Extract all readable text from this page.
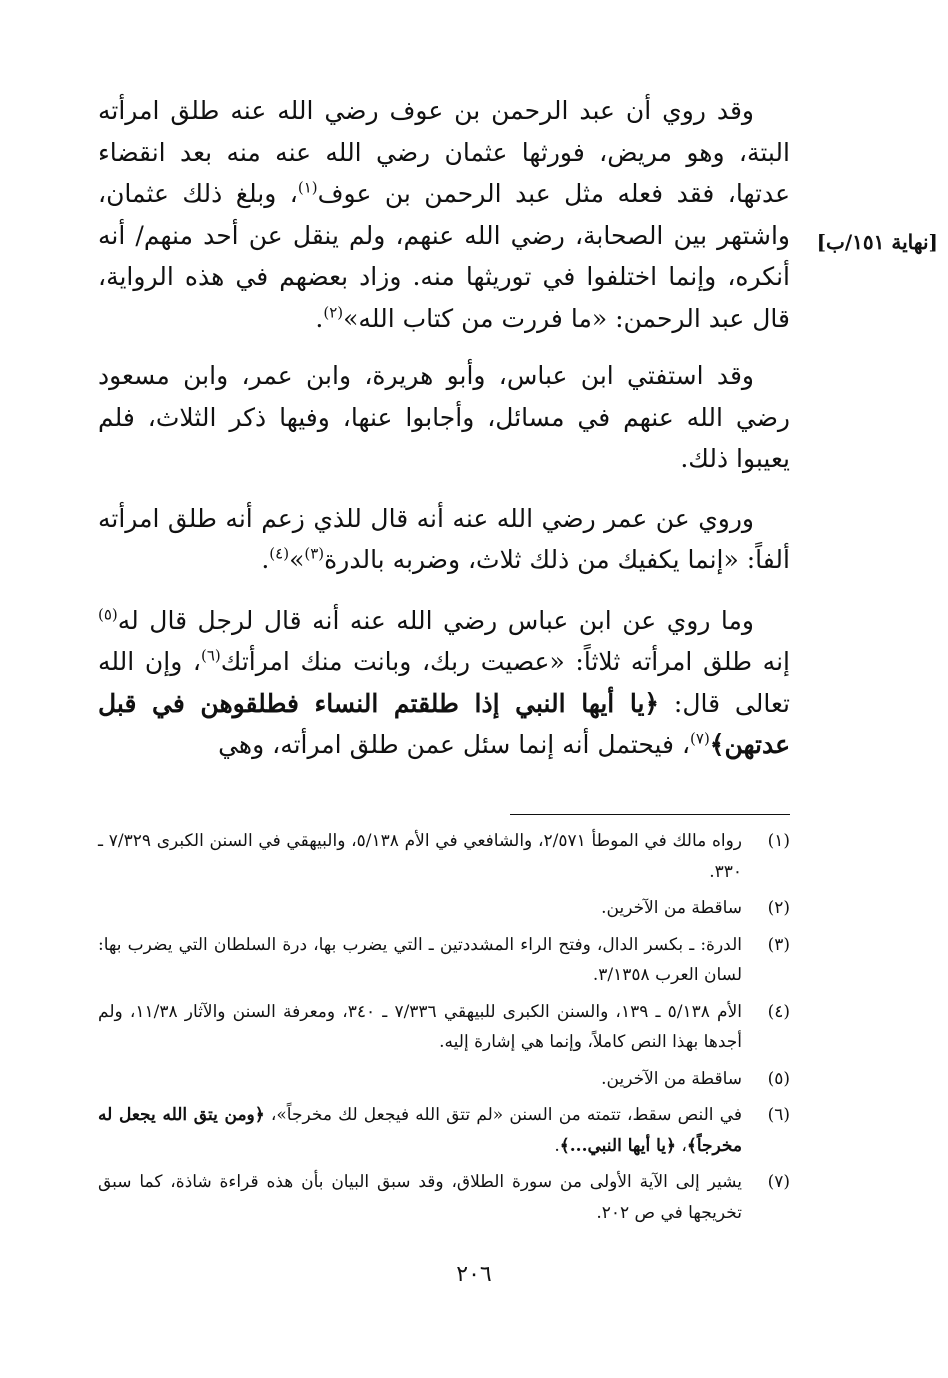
[نهاية ١٥١/ب]

وقد روي أن عبد الرحمن بن عوف رضي الله عنه طلق امرأته البتة، وهو مريض، فورثها عثمان رضي الله عنه منه بعد انقضاء عدتها، فقد فعله مثل عبد الرحمن بن عوف$^{(١)}$، وبلغ ذلك عثمان، واشتهر بين الصحابة، رضي الله عنهم، ولم ينقل عن أحد منهم/ أنه أنكره، وإنما اختلفوا في توريثها منه. وزاد بعضهم في هذه الرواية، قال عبد الرحمن: «ما فررت من كتاب الله»$^{(٢)}$.

وقد استفتي ابن عباس، وأبو هريرة، وابن عمر، وابن مسعود رضي الله عنهم في مسائل، وأجابوا عنها، وفيها ذكر الثلاث، فلم يعيبوا ذلك.

وروي عن عمر رضي الله عنه أنه قال للذي زعم أنه طلق امرأته ألفاً: «إنما يكفيك من ذلك ثلاث، وضربه بالدرة$^{(٣)}$»$^{(٤)}$.

وما روي عن ابن عباس رضي الله عنه أنه قال لرجل قال له$^{(٥)}$ إنه طلق امرأته ثلاثاً: «عصيت ربك، وبانت منك امرأتك$^{(٦)}$، وإن الله تعالى قال: ﴿يا أيها النبي إذا طلقتم النساء فطلقوهن في قبل عدتهن﴾$^{(٧)}$، فيحتمل أنه إنما سئل عمن طلق امرأته، وهي

(١)
رواه مالك في الموطأ ٢/٥٧١، والشافعي في الأم ٥/١٣٨، والبيهقي في السنن الكبرى ٧/٣٢٩ ـ ٣٣٠.
(٢)
ساقطة من الآخرين.
(٣)
الدرة: ـ بكسر الدال، وفتح الراء المشددتين ـ التي يضرب بها، درة السلطان التي يضرب بها: لسان العرب ٣/١٣٥٨.
(٤)
الأم ٥/١٣٨ ـ ١٣٩، والسنن الكبرى للبيهقي ٧/٣٣٦ ـ ٣٤٠، ومعرفة السنن والآثار ١١/٣٨، ولم أجدها بهذا النص كاملاً، وإنما هي إشارة إليه.
(٥)
ساقطة من الآخرين.
(٦)
في النص سقط، تتمته من السنن «لم تتق الله فيجعل لك مخرجاً»، ﴿ومن يتق الله يجعل له مخرجاً﴾، ﴿يا أيها النبي...﴾.
(٧)
يشير إلى الآية الأولى من سورة الطلاق، وقد سبق البيان بأن هذه قراءة شاذة، كما سبق تخريجها في ص ٢٠٢.
٢٠٦
